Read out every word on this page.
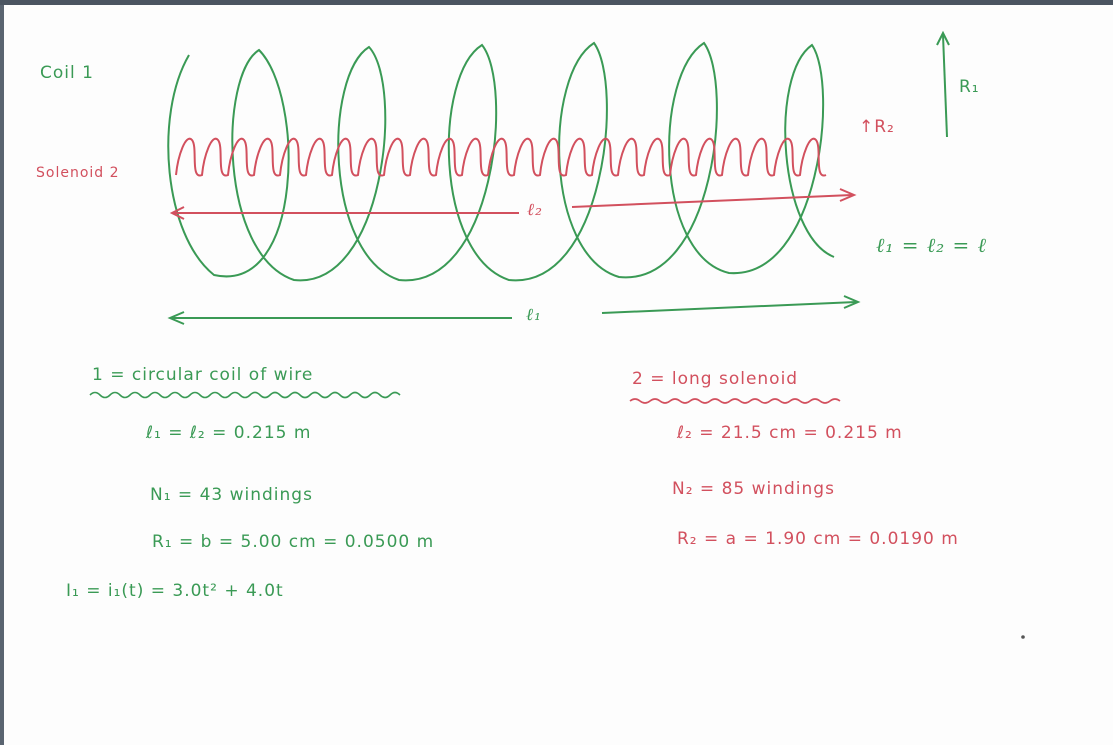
Coil 1
Solenoid 2
ℓ₂
ℓ₁
↑R₂
R₁
ℓ₁ = ℓ₂ = ℓ
1 = circular coil of wire
ℓ₁ = ℓ₂ = 0.215 m
N₁ = 43 windings
R₁ = b = 5.00 cm = 0.0500 m
I₁ = i₁(t) = 3.0t² + 4.0t
2 = long solenoid
ℓ₂ = 21.5 cm = 0.215 m
N₂ = 85 windings
R₂ = a = 1.90 cm = 0.0190 m
